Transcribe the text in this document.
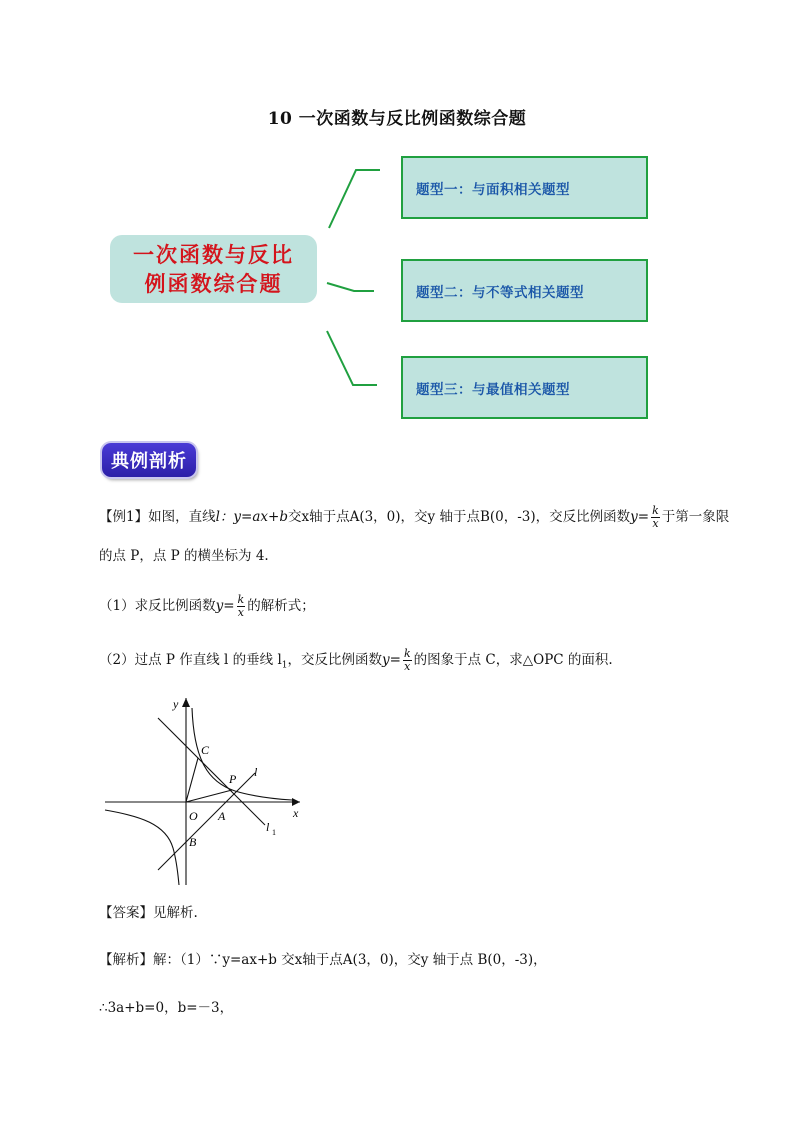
10 一次函数与反比例函数综合题
一次函数与反比
例函数综合题
题型一：与面积相关题型
题型二：与不等式相关题型
题型三：与最值相关题型
典例剖析
【例1】如图，直线l：y=ax+b交x轴于点A(3，0)，交y 轴于点B(0，-3)，交反比例函数$y= \frac{k}{x}$ 于第一象限
的点 P，点 P 的横坐标为 4.
（1）求反比例函数$y= \frac{k}{x}$ 的解析式；
（2）过点 P 作直线 l 的垂线 $l_1$，交反比例函数$y= \frac{k}{x}$ 的图象于点 C，求△OPC 的面积.
y
x
O A
B
C
P l
l 1
【答案】见解析.
【解析】解：（1）∵y=ax+b 交x轴于点A(3，0)，交y 轴于点 B(0，-3)，
∴3a+b=0，b=－3，
